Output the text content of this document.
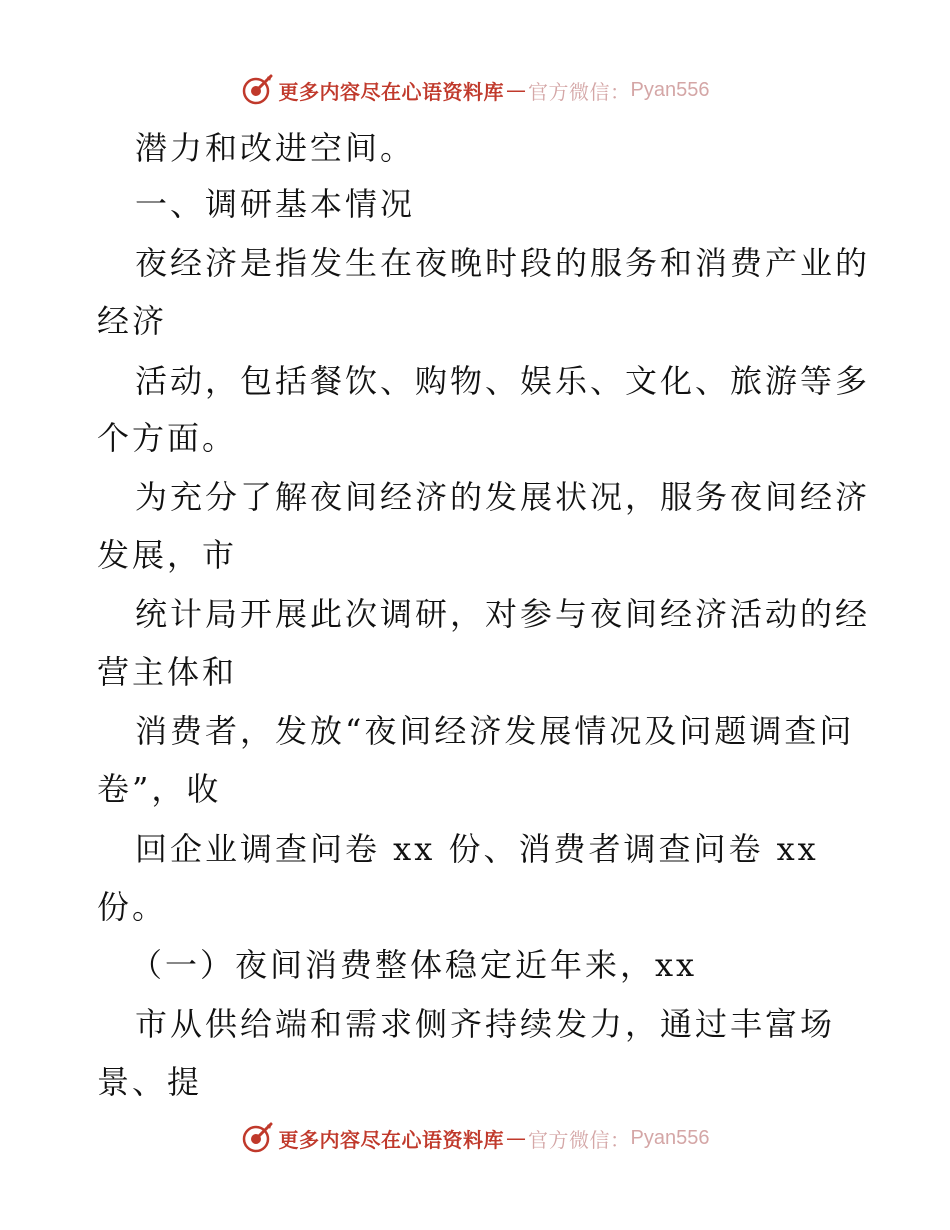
更多内容尽在心语资料库 — 官方微信： Pyan556
潜力和改进空间。
一、调研基本情况
夜经济是指发生在夜晚时段的服务和消费产业的
经济
活动，包括餐饮、购物、娱乐、文化、旅游等多
个方面。
为充分了解夜间经济的发展状况，服务夜间经济
发展，市
统计局开展此次调研，对参与夜间经济活动的经
营主体和
消费者，发放“夜间经济发展情况及问题调查问
卷”，收
回企业调查问卷 xx 份、消费者调查问卷 xx
份。
（一）夜间消费整体稳定近年来，xx
市从供给端和需求侧齐持续发力，通过丰富场
景、提
更多内容尽在心语资料库 — 官方微信： Pyan556
